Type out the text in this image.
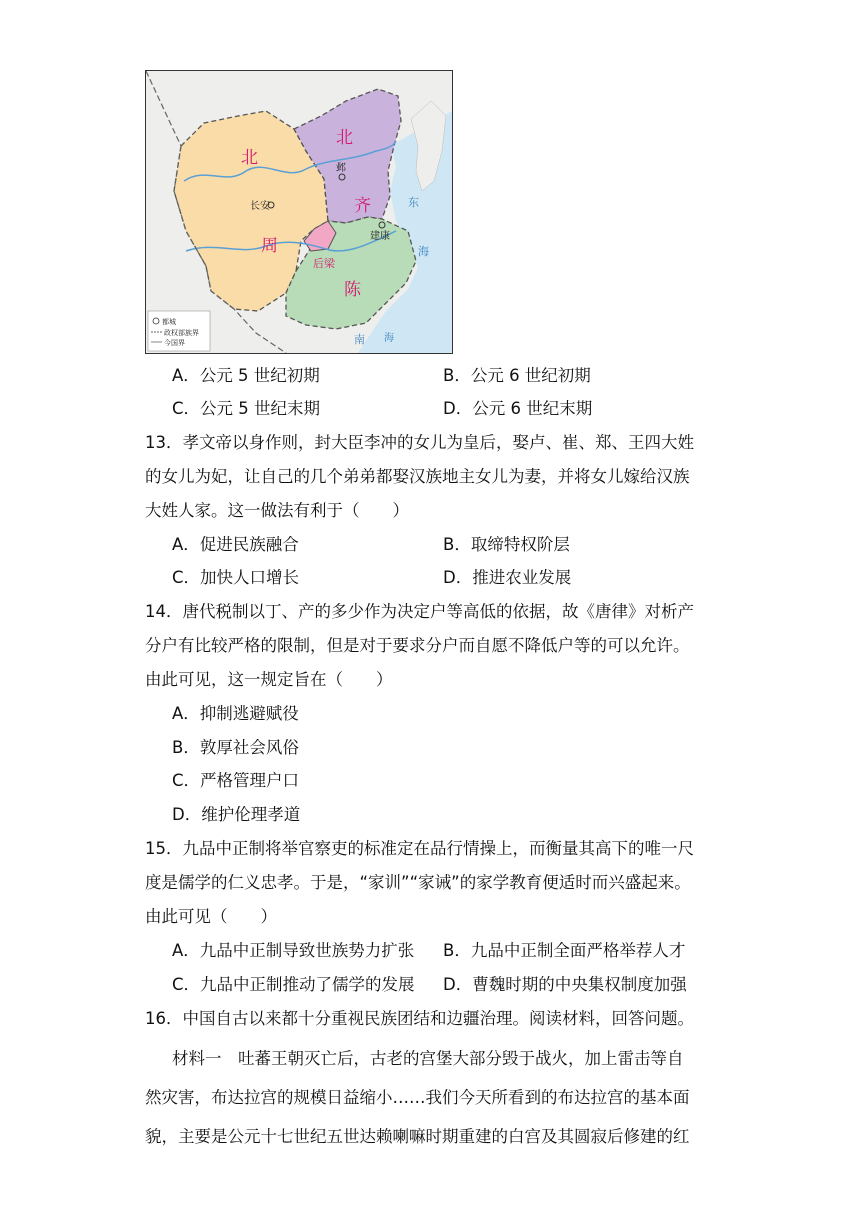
北
周
北
齐
陈
后梁
长安
邺
建康
东
海
南 海
都城
政权部族界
今国界
A．公元 5 世纪初期	B．公元 6 世纪初期
C．公元 5 世纪末期	D．公元 6 世纪末期
13．孝文帝以身作则，封大臣李冲的女儿为皇后，娶卢、崔、郑、王四大姓
的女儿为妃，让自己的几个弟弟都娶汉族地主女儿为妻，并将女儿嫁给汉族
大姓人家。这一做法有利于（　　）
A．促进民族融合	B．取缔特权阶层
C．加快人口增长	D．推进农业发展
14．唐代税制以丁、产的多少作为决定户等高低的依据，故《唐律》对析产
分户有比较严格的限制，但是对于要求分户而自愿不降低户等的可以允许。
由此可见，这一规定旨在（　　）
A．抑制逃避赋役
B．敦厚社会风俗
C．严格管理户口
D．维护伦理孝道
15．九品中正制将举官察吏的标准定在品行情操上，而衡量其高下的唯一尺
度是儒学的仁义忠孝。于是，“家训”“家诫”的家学教育便适时而兴盛起来。
由此可见（　　）
A．九品中正制导致世族势力扩张 B．九品中正制全面严格举荐人才
C．九品中正制推动了儒学的发展 D．曹魏时期的中央集权制度加强
16．中国自古以来都十分重视民族团结和边疆治理。阅读材料，回答问题。
材料一　吐蕃王朝灭亡后，古老的宫堡大部分毁于战火，加上雷击等自
然灾害，布达拉宫的规模日益缩小……我们今天所看到的布达拉宫的基本面
貌，主要是公元十七世纪五世达赖喇嘛时期重建的白宫及其圆寂后修建的红
